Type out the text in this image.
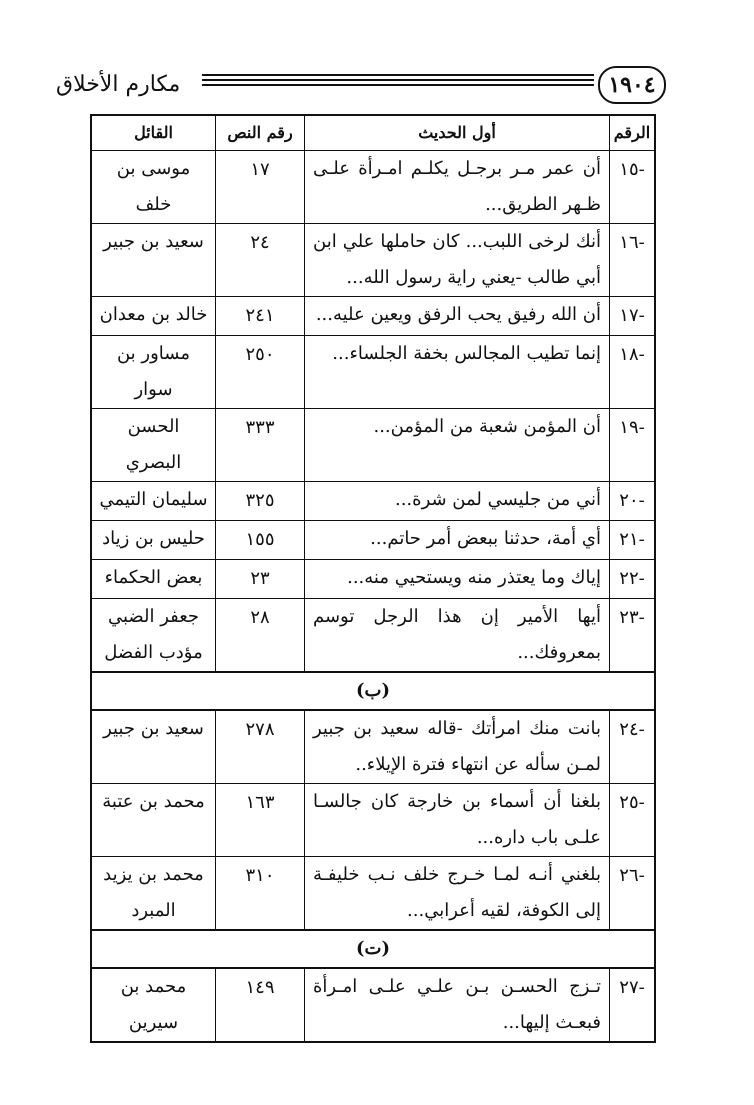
مكارم الأخلاق	١٩٠٤
الرقم	أول الحديث	رقم النص	القائل
-١٥	أن عمر مـر برجـل يكلـم امـرأة علـى ظـهر الطريق...	١٧	موسى بن خلف
-١٦	أنك لرخى اللبب... كان حاملها علي ابن أبي طالب -يعني راية رسول الله...	٢٤	سعيد بن جبير
-١٧	أن الله رفيق يحب الرفق ويعين عليه...	٢٤١	خالد بن معدان
-١٨	إنما تطيب المجالس بخفة الجلساء...	٢٥٠	مساور بن سوار
-١٩	أن المؤمن شعبة من المؤمن...	٣٣٣	الحسن البصري
-٢٠	أني من جليسي لمن شرة...	٣٢٥	سليمان التيمي
-٢١	أي أمة، حدثنا ببعض أمر حاتم...	١٥٥	حليس بن زياد
-٢٢	إياك وما يعتذر منه ويستحيي منه...	٢٣	بعض الحكماء
-٢٣	أيها الأمير إن هذا الرجل توسم بمعروفك...	٢٨	جعفر الضبي مؤدب الفضل

(ب)			

-٢٤	بانت منك امرأتك -قاله سعيد بن جبير لمـن سأله عن انتهاء فترة الإيلاء..	٢٧٨	سعيد بن جبير
-٢٥	بلغنا أن أسماء بن خارجة كان جالسـا علـى باب داره...	١٦٣	محمد بن عتبة
-٢٦	بلغني أنـه لمـا خـرج خلف نـب خليفـة إلى الكوفة، لقيه أعرابي...	٣١٠	محمد بن يزيد المبرد

(ت)			

-٢٧	تـزج الحسـن بـن علـي علـى امـرأة فبعـث إليها...	١٤٩	محمد بن سيرين
